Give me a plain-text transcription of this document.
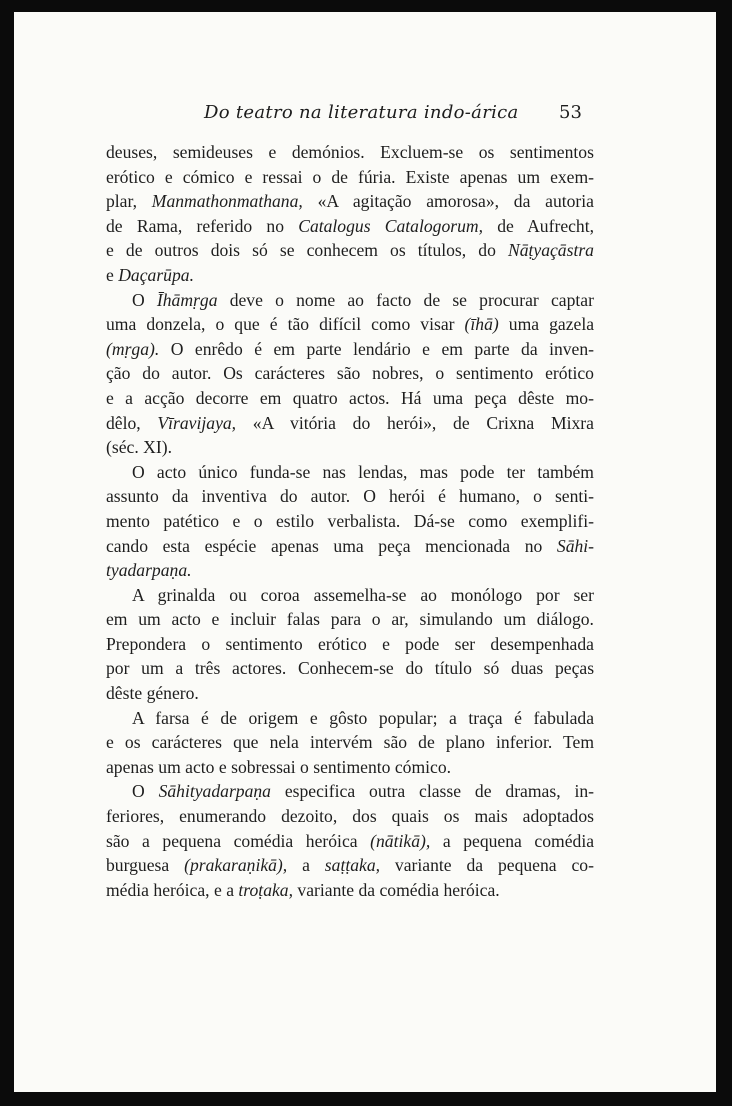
Do teatro na literatura indo-árica 53

deuses, semideuses e demónios. Excluem-se os sentimentos
erótico e cómico e ressai o de fúria. Existe apenas um exem-
plar, Manmathonmathana, «A agitação amorosa», da autoria
de Rama, referido no Catalogus Catalogorum, de Aufrecht,
e de outros dois só se conhecem os títulos, do Nāṭyaçāstra
e Daçarūpa.

O Īhāmṛga deve o nome ao facto de se procurar captar
uma donzela, o que é tão difícil como visar (īhā) uma gazela
(mṛga). O enrêdo é em parte lendário e em parte da inven-
ção do autor. Os carácteres são nobres, o sentimento erótico
e a acção decorre em quatro actos. Há uma peça dêste mo-
dêlo, Vīravijaya, «A vitória do herói», de Crixna Mixra
(séc. XI).

O acto único funda-se nas lendas, mas pode ter também
assunto da inventiva do autor. O herói é humano, o senti-
mento patético e o estilo verbalista. Dá-se como exemplifi-
cando esta espécie apenas uma peça mencionada no Sāhi-
tyadarpaṇa.

A grinalda ou coroa assemelha-se ao monólogo por ser
em um acto e incluir falas para o ar, simulando um diálogo.
Prepondera o sentimento erótico e pode ser desempenhada
por um a três actores. Conhecem-se do título só duas peças
dêste género.

A farsa é de origem e gôsto popular; a traça é fabulada
e os carácteres que nela intervém são de plano inferior. Tem
apenas um acto e sobressai o sentimento cómico.

O Sāhityadarpaṇa especifica outra classe de dramas, in-
feriores, enumerando dezoito, dos quais os mais adoptados
são a pequena comédia heróica (nātikā), a pequena comédia
burguesa (prakaraṇikā), a saṭṭaka, variante da pequena co-
média heróica, e a troṭaka, variante da comédia heróica.
